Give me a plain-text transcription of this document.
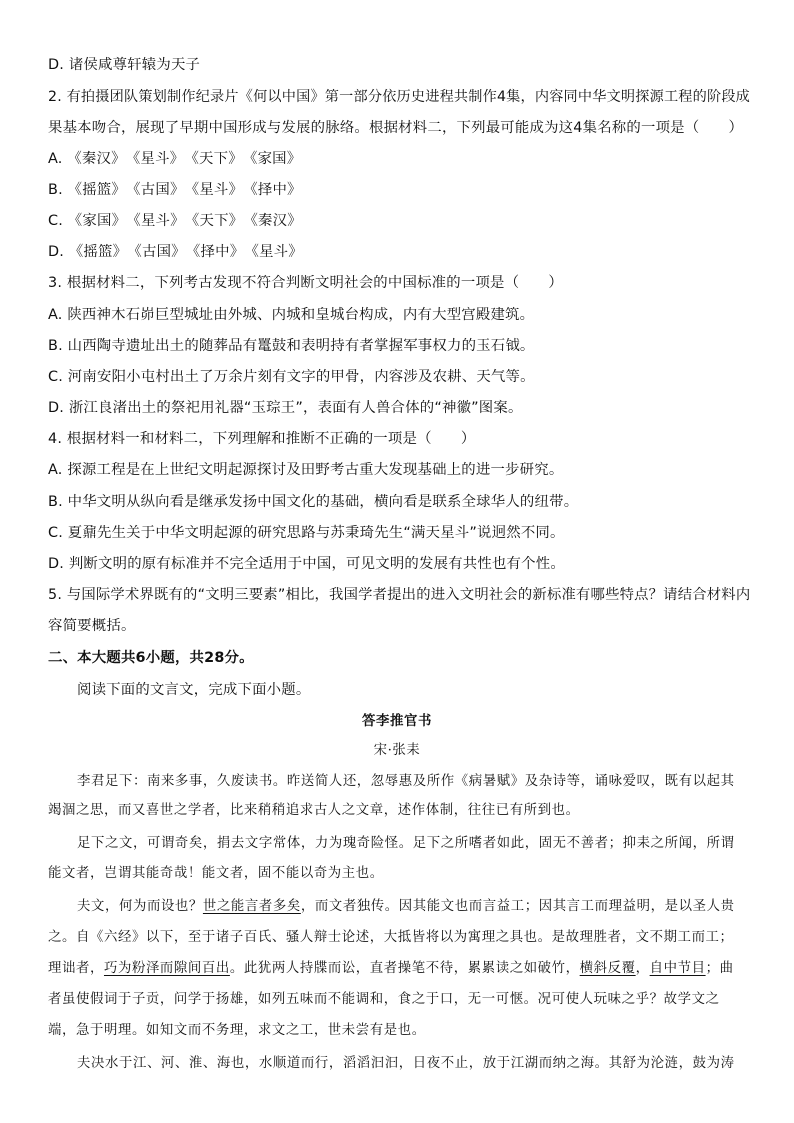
D. 诸侯咸尊轩辕为天子
2. 有拍摄团队策划制作纪录片《何以中国》第一部分依历史进程共制作4集，内容同中华文明探源工程的阶段成
果基本吻合，展现了早期中国形成与发展的脉络。根据材料二，下列最可能成为这4集名称的一项是（　　）
A. 《秦汉》　《星斗》　《天下》　《家国》
B. 《摇篮》　《古国》　《星斗》　《择中》
C. 《家国》　《星斗》　《天下》　《秦汉》
D. 《摇篮》　《古国》　《择中》　《星斗》
3. 根据材料二，下列考古发现不符合判断文明社会的中国标准的一项是（　　）
A. 陕西神木石峁巨型城址由外城、内城和皇城台构成，内有大型宫殿建筑。
B. 山西陶寺遗址出土的随葬品有鼍鼓和表明持有者掌握军事权力的玉石钺。
C. 河南安阳小屯村出土了万余片刻有文字的甲骨，内容涉及农耕、天气等。
D. 浙江良渚出土的祭祀用礼器“玉琮王”，表面有人兽合体的“神徽”图案。
4. 根据材料一和材料二，下列理解和推断不正确的一项是（　　）
A. 探源工程是在上世纪文明起源探讨及田野考古重大发现基础上的进一步研究。
B. 中华文明从纵向看是继承发扬中国文化的基础，横向看是联系全球华人的纽带。
C. 夏鼐先生关于中华文明起源的研究思路与苏秉琦先生“满天星斗”说迥然不同。
D. 判断文明的原有标准并不完全适用于中国，可见文明的发展有共性也有个性。
5. 与国际学术界既有的“文明三要素”相比，我国学者提出的进入文明社会的新标准有哪些特点？请结合材料内
容简要概括。
二、本大题共6小题，共28分。
阅读下面的文言文，完成下面小题。
答李推官书
宋·张耒
李君足下：南来多事，久废读书。昨送简人还，忽辱惠及所作《病暑赋》及杂诗等，诵咏爱叹，既有以起其
竭涸之思，而又喜世之学者，比来稍稍追求古人之文章，述作体制，往往已有所到也。
足下之文，可谓奇矣，捐去文字常体，力为瑰奇险怪。足下之所嗜者如此，固无不善者；抑耒之所闻，所谓
能文者，岂谓其能奇哉！能文者，固不能以奇为主也。
夫文，何为而设也？世之能言者多矣，而文者独传。因其能文也而言益工；因其言工而理益明，是以圣人贵
之。自《六经》以下，至于诸子百氏、骚人辩士论述，大抵皆将以为寓理之具也。是故理胜者，文不期工而工；
理诎者，巧为粉泽而隙间百出。此犹两人持牒而讼，直者操笔不待，累累读之如破竹，横斜反覆，自中节目；曲
者虽使假词于子贡，问学于扬雄，如列五味而不能调和，食之于口，无一可惬。况可使人玩味之乎？故学文之
端，急于明理。如知文而不务理，求文之工，世未尝有是也。
夫决水于江、河、淮、海也，水顺道而行，滔滔汩汩，日夜不止，放于江湖而纳之海。其舒为沦涟，鼓为涛
